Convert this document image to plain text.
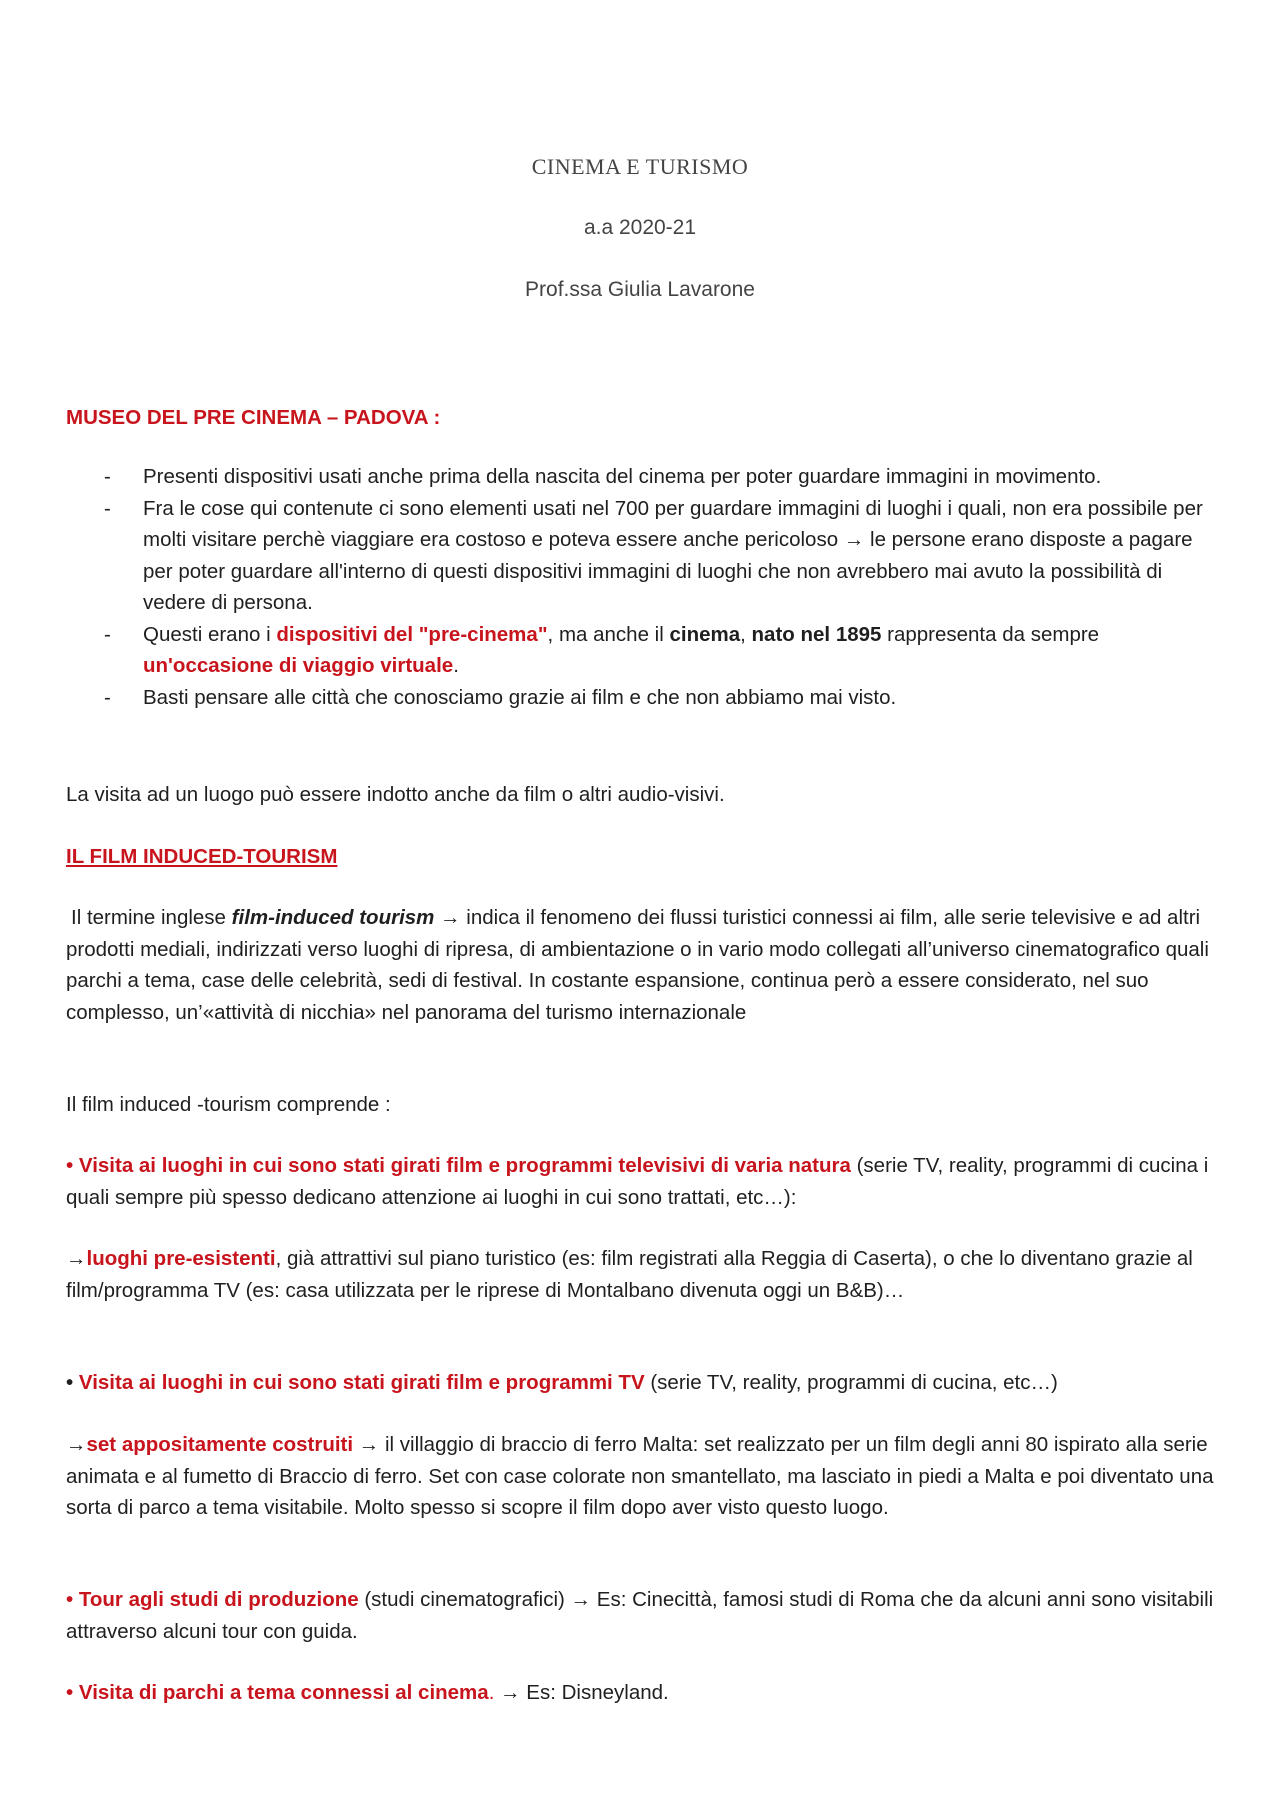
CINEMA E TURISMO
a.a 2020-21
Prof.ssa Giulia Lavarone
MUSEO DEL PRE CINEMA – PADOVA :
- Presenti dispositivi usati anche prima della nascita del cinema per poter guardare immagini in movimento.
- Fra le cose qui contenute ci sono elementi usati nel 700 per guardare immagini di luoghi i quali, non era possibile per molti visitare perchè viaggiare era costoso e poteva essere anche pericoloso → le persone erano disposte a pagare per poter guardare all'interno di questi dispositivi immagini di luoghi che non avrebbero mai avuto la possibilità di vedere di persona.
- Questi erano i dispositivi del "pre-cinema", ma anche il cinema, nato nel 1895 rappresenta da sempre un'occasione di viaggio virtuale.
- Basti pensare alle città che conosciamo grazie ai film e che non abbiamo mai visto.
La visita ad un luogo può essere indotto anche da film o altri audio-visivi.
IL FILM INDUCED-TOURISM
Il termine inglese film-induced tourism → indica il fenomeno dei flussi turistici connessi ai film, alle serie televisive e ad altri prodotti mediali, indirizzati verso luoghi di ripresa, di ambientazione o in vario modo collegati all’universo cinematografico quali parchi a tema, case delle celebrità, sedi di festival. In costante espansione, continua però a essere considerato, nel suo complesso, un’«attività di nicchia» nel panorama del turismo internazionale
Il film induced -tourism comprende :
• Visita ai luoghi in cui sono stati girati film e programmi televisivi di varia natura (serie TV, reality, programmi di cucina i quali sempre più spesso dedicano attenzione ai luoghi in cui sono trattati, etc…):
→luoghi pre-esistenti, già attrattivi sul piano turistico (es: film registrati alla Reggia di Caserta), o che lo diventano grazie al film/programma TV (es: casa utilizzata per le riprese di Montalbano divenuta oggi un B&B)…
• Visita ai luoghi in cui sono stati girati film e programmi TV (serie TV, reality, programmi di cucina, etc…)
→set appositamente costruiti → il villaggio di braccio di ferro Malta: set realizzato per un film degli anni 80 ispirato alla serie animata e al fumetto di Braccio di ferro. Set con case colorate non smantellato, ma lasciato in piedi a Malta e poi diventato una sorta di parco a tema visitabile. Molto spesso si scopre il film dopo aver visto questo luogo.
• Tour agli studi di produzione (studi cinematografici) → Es: Cinecittà, famosi studi di Roma che da alcuni anni sono visitabili attraverso alcuni tour con guida.
• Visita di parchi a tema connessi al cinema. → Es: Disneyland.
